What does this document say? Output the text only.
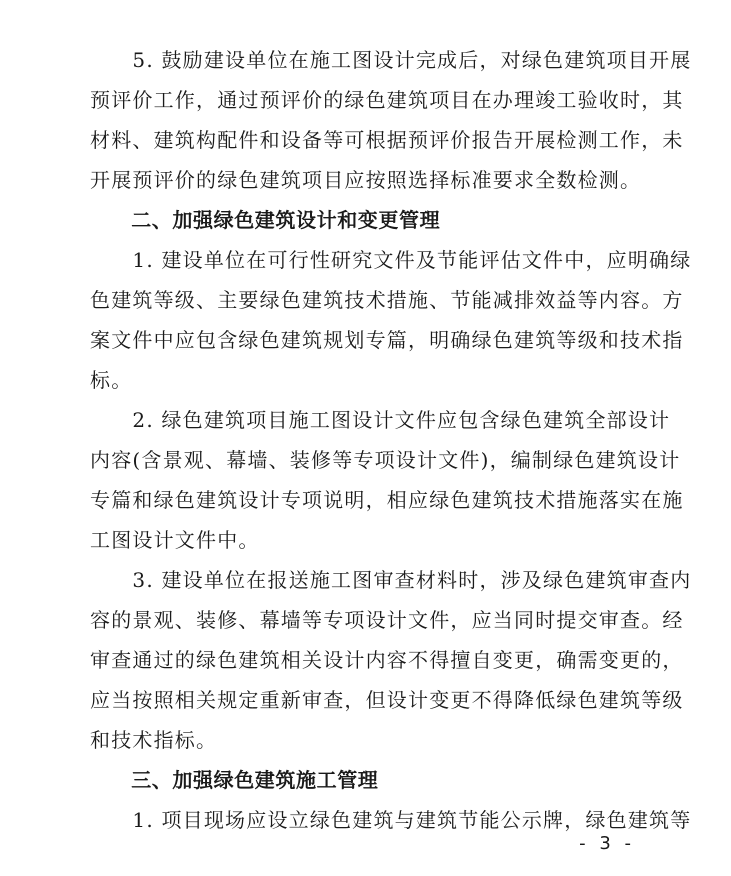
　　5. 鼓励建设单位在施工图设计完成后，对绿色建筑项目开展
预评价工作，通过预评价的绿色建筑项目在办理竣工验收时，其
材料、建筑构配件和设备等可根据预评价报告开展检测工作，未
开展预评价的绿色建筑项目应按照选择标准要求全数检测。
　　二、加强绿色建筑设计和变更管理
　　1. 建设单位在可行性研究文件及节能评估文件中，应明确绿
色建筑等级、主要绿色建筑技术措施、节能减排效益等内容。方
案文件中应包含绿色建筑规划专篇，明确绿色建筑等级和技术指
标。
　　2. 绿色建筑项目施工图设计文件应包含绿色建筑全部设计
内容(含景观、幕墙、装修等专项设计文件)，编制绿色建筑设计
专篇和绿色建筑设计专项说明，相应绿色建筑技术措施落实在施
工图设计文件中。
　　3. 建设单位在报送施工图审查材料时，涉及绿色建筑审查内
容的景观、装修、幕墙等专项设计文件，应当同时提交审查。经
审查通过的绿色建筑相关设计内容不得擅自变更，确需变更的，
应当按照相关规定重新审查，但设计变更不得降低绿色建筑等级
和技术指标。
　　三、加强绿色建筑施工管理
　　1. 项目现场应设立绿色建筑与建筑节能公示牌，绿色建筑等
- 3 -
